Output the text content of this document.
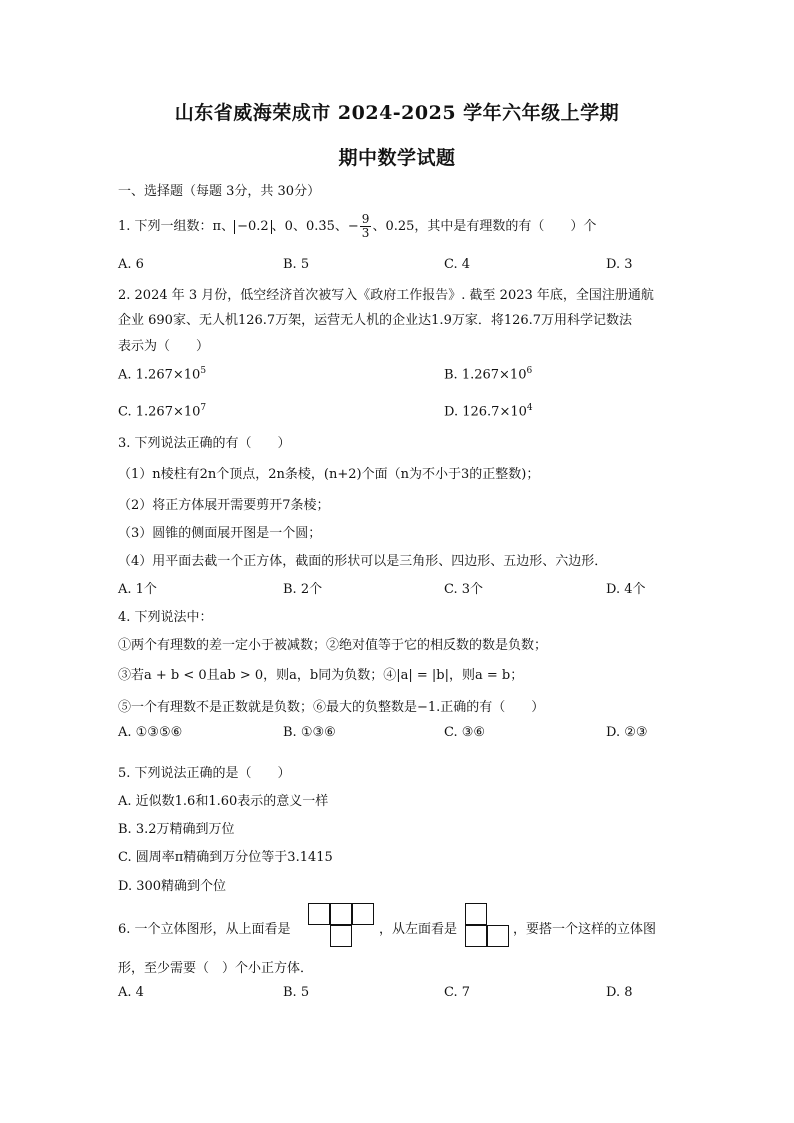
山东省威海荣成市 2024-2025 学年六年级上学期
期中数学试题
一、选择题（每题 3分，共 30分）
1. 下列一组数：π、 −0.2 、0、0.3̇5̇、− $\frac{9}{3}$ 、0.25，其中是有理数的有（　　）个
A. 6	B. 5	C. 4	D. 3
2. 2024 年 3 月份，低空经济首次被写入《政府工作报告》. 截至 2023 年底，全国注册通航
企业 690家、无人机126.7万架，运营无人机的企业达1.9万家．将126.7万用科学记数法
表示为（　　）
A. $1.267\times 10^5$	B. $1.267\times 10^6$
C. $1.267\times 10^7$	D. $126.7\times 10^4$
3. 下列说法正确的有（　　）
（1）n棱柱有2n个顶点，2n条棱，(n+2)个面（n为不小于3的正整数)；
（2）将正方体展开需要剪开7条棱；
（3）圆锥的侧面展开图是一个圆；
（4）用平面去截一个正方体，截面的形状可以是三角形、四边形、五边形、六边形．
A. 1个	B. 2个	C. 3个	D. 4个
4. 下列说法中：
①两个有理数的差一定小于被减数；②绝对值等于它的相反数的数是负数；
③若a + b < 0且ab > 0，则a，b同为负数；④|a| = |b|，则a = b；
⑤一个有理数不是正数就是负数；⑥最大的负整数是−1.正确的有（　　）
A. ①③⑤⑥	B. ①③⑥	C. ③⑥	D. ②③
5. 下列说法正确的是（　　）
A. 近似数1.6和1.60表示的意义一样
B. 3.2万精确到万位
C. 圆周率π精确到万分位等于3.1415
D. 300精确到个位
6. 一个立体图形，从上面看是	，从左面看是	，要搭一个这样的立体图
形，至少需要（　）个小正方体．
A. 4	B. 5	C. 7	D. 8
